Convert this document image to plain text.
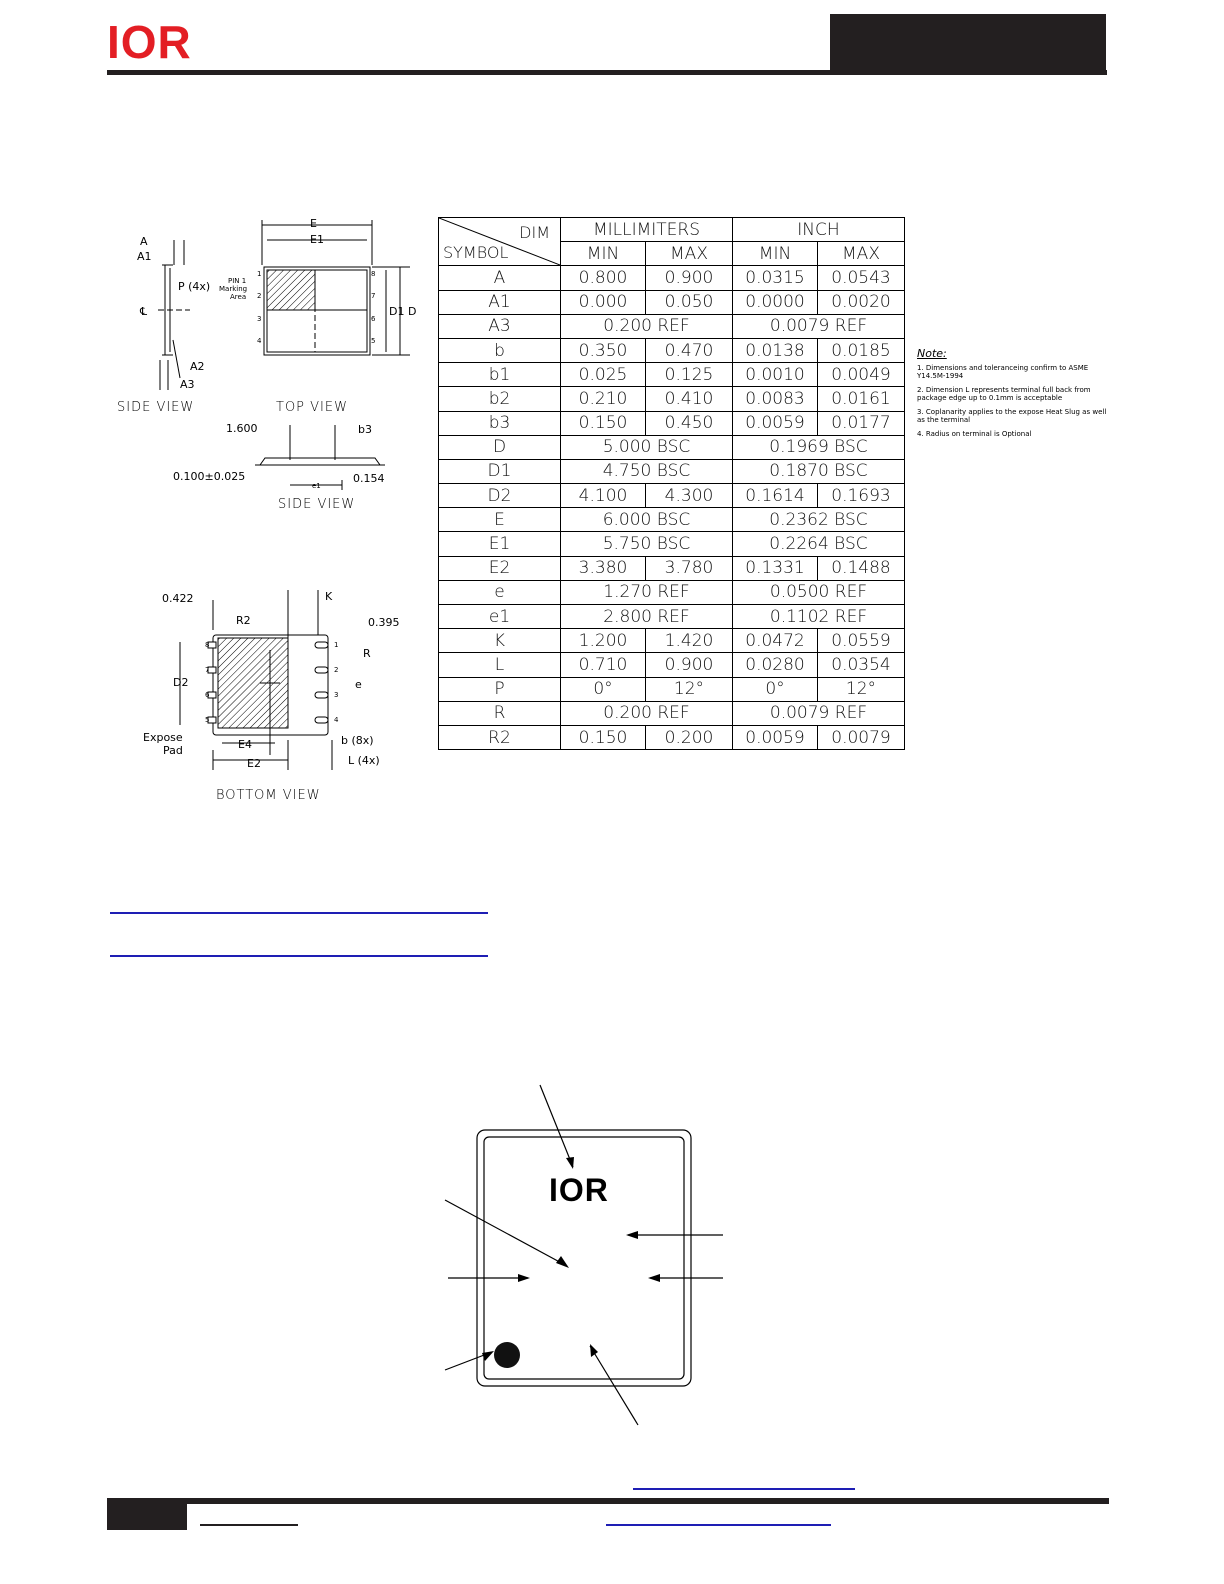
IOR
A
A1
P (4x)
℄
A2
A3
SIDE VIEW
E
E1
PIN 1
Marking
Area
D1 D
1
2
3
4	5
6
7
8
TOP VIEW
1.600	b3
0.100±0.025
e1
0.154
SIDE VIEW
0.422	K
R2	0.395
R
D2	e
8
7
6
5
1
2
3
4
Expose
Pad	E4
E2
b (8x)
L (4x)
BOTTOM VIEW
DIM
SYMBOL	MILLIMITERS		INCH	
	MIN	MAX	MIN	MAX
A	0.800	0.900	0.0315	0.0543
A1	0.000	0.050	0.0000	0.0020
A3	0.200 REF		0.0079 REF	
b	0.350	0.470	0.0138	0.0185
b1	0.025	0.125	0.0010	0.0049
b2	0.210	0.410	0.0083	0.0161
b3	0.150	0.450	0.0059	0.0177
D	5.000 BSC		0.1969 BSC	
D1	4.750 BSC		0.1870 BSC	
D2	4.100	4.300	0.1614	0.1693
E	6.000 BSC		0.2362 BSC	
E1	5.750 BSC		0.2264 BSC	
E2	3.380	3.780	0.1331	0.1488
e	1.270 REF		0.0500 REF	
e1	2.800 REF		0.1102 REF	
K	1.200	1.420	0.0472	0.0559
L	0.710	0.900	0.0280	0.0354
P	0°	12°	0°	12°
R	0.200 REF		0.0079 REF	
R2	0.150	0.200	0.0059	0.0079
Note:
1. Dimensions and toleranceing confirm to ASME Y14.5M-1994
2. Dimension L represents terminal full back from package edge up to 0.1mm is acceptable
3. Coplanarity applies to the expose Heat Slug as well as the terminal
4. Radius on terminal is Optional
IOR
